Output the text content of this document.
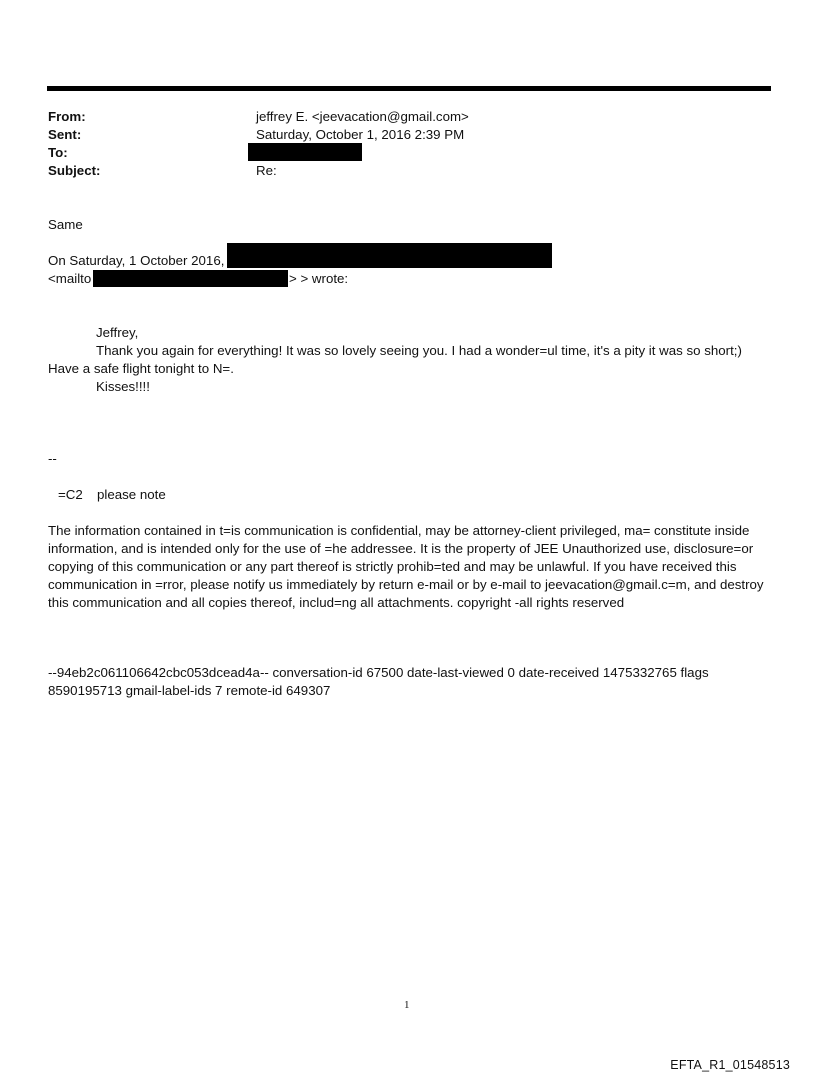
From:	jeffrey E. <jeevacation@gmail.com>
Sent:	Saturday, October 1, 2016 2:39 PM
To:
Subject:	Re:
Same
On Saturday, 1 October 2016,
<mailto	> > wrote:
Jeffrey,
Thank you again for everything! It was so lovely seeing you. I had a wonder=ul time, it's a pity it was so short;)
Have a safe flight tonight to N=.
Kisses!!!!
--
=C2 please note
The information contained in t=is communication is confidential, may be attorney-client privileged, ma= constitute inside information, and is intended only for the use of =he addressee. It is the property of JEE Unauthorized use, disclosure=or copying of this communication or any part thereof is strictly prohib=ted and may be unlawful. If you have received this communication in =rror, please notify us immediately by return e-mail or by e-mail to jeevacation@gmail.c=m, and destroy this communication and all copies thereof, includ=ng all attachments. copyright -all rights reserved
--94eb2c061106642cbc053dcead4a-- conversation-id 67500 date-last-viewed 0 date-received 1475332765 flags 8590195713 gmail-label-ids 7 remote-id 649307
1
EFTA_R1_01548513
